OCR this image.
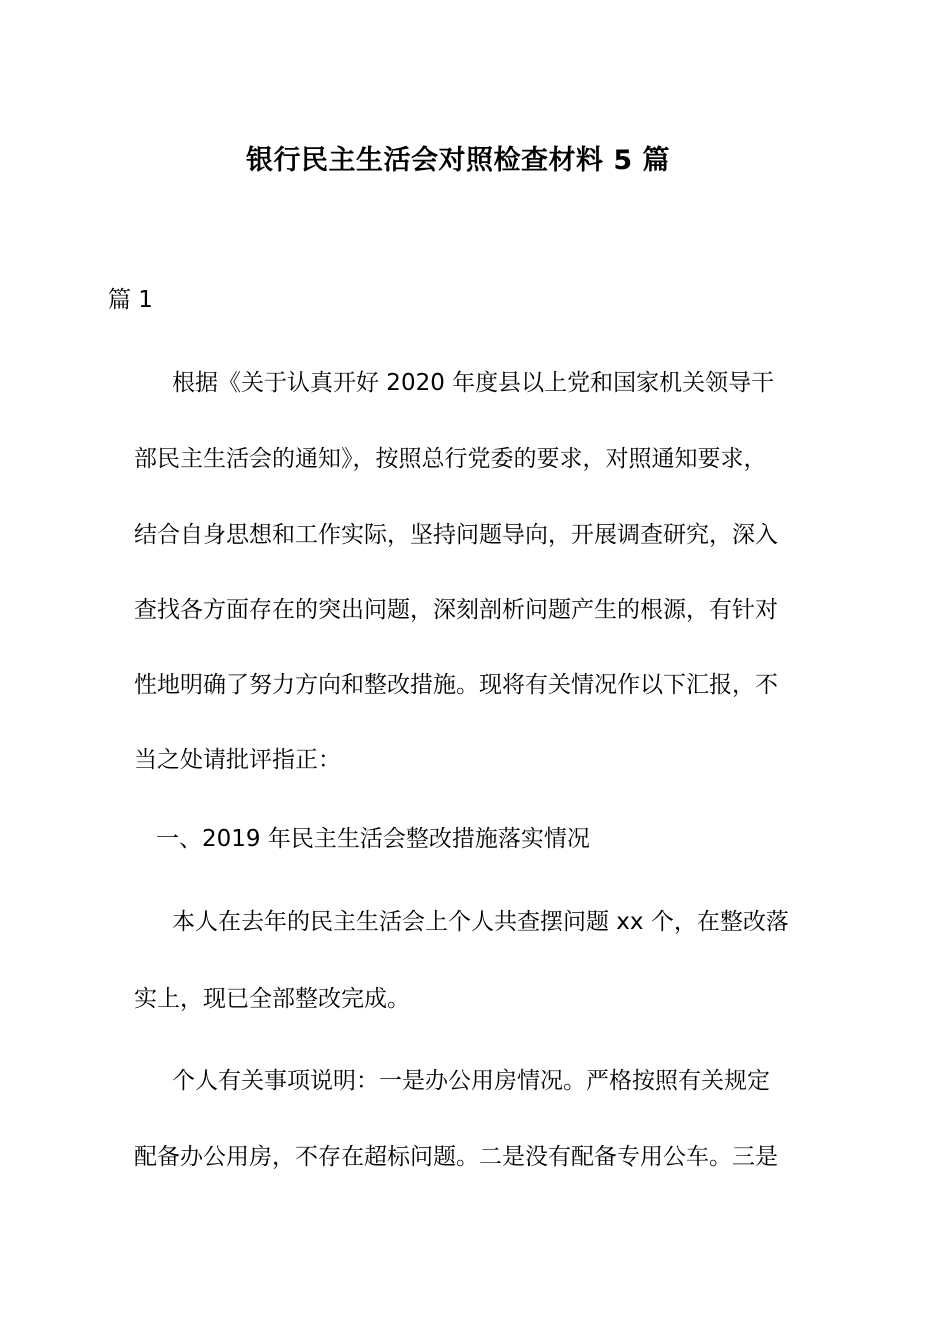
银行民主生活会对照检查材料 5 篇

篇 1

根据《关于认真开好 2020 年度县以上党和国家机关领导干

部民主生活会的通知》，按照总行党委的要求，对照通知要求，

结合自身思想和工作实际，坚持问题导向，开展调查研究，深入

查找各方面存在的突出问题，深刻剖析问题产生的根源，有针对

性地明确了努力方向和整改措施。现将有关情况作以下汇报，不

当之处请批评指正：

一、2019 年民主生活会整改措施落实情况

本人在去年的民主生活会上个人共查摆问题 xx 个，在整改落

实上，现已全部整改完成。

个人有关事项说明：一是办公用房情况。严格按照有关规定

配备办公用房，不存在超标问题。二是没有配备专用公车。三是
